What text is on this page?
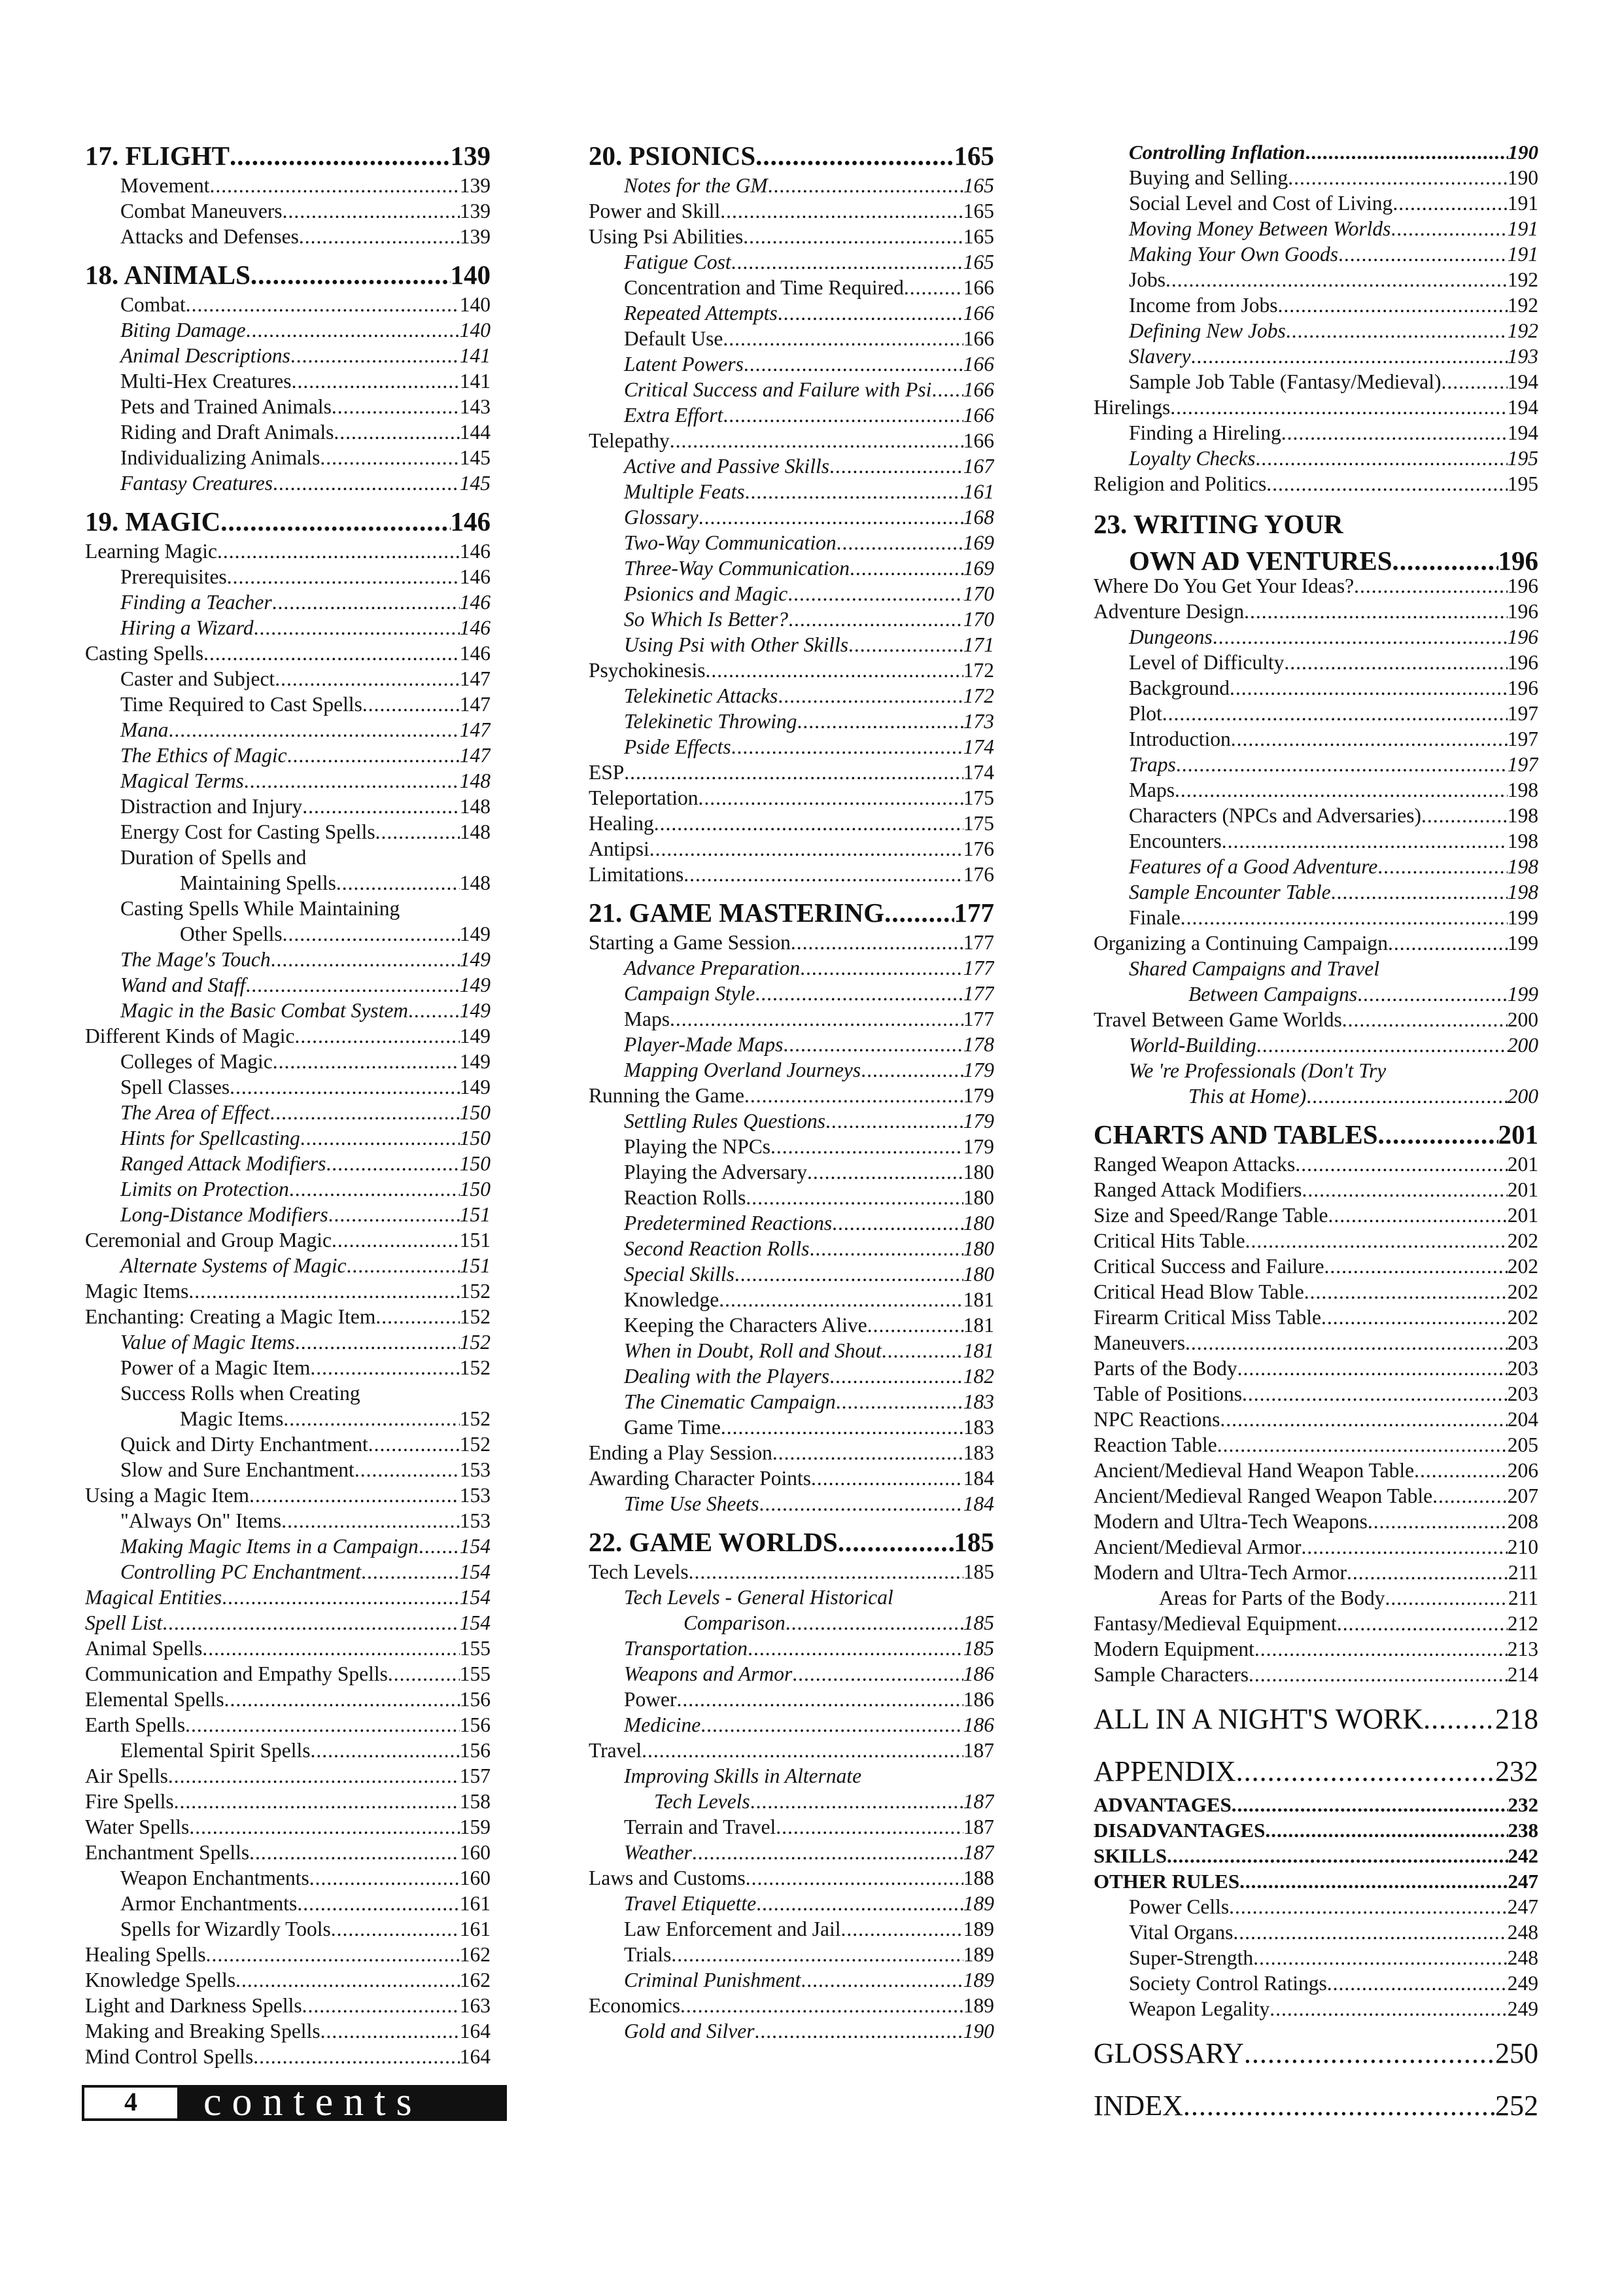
17. FLIGHT .....	139
Movement .....	139
Combat Maneuvers .....	139
Attacks and Defenses .....	139
18. ANIMALS .....	140
Combat .....	140
Biting Damage .....	140
Animal Descriptions .....	141
Multi-Hex Creatures .....	141
Pets and Trained Animals .....	143
Riding and Draft Animals .....	144
Individualizing Animals .....	145
Fantasy Creatures .....	145
19. MAGIC .....	146
Learning Magic .....	146
Prerequisites .....	146
Finding a Teacher .....	146
Hiring a Wizard .....	146
Casting Spells .....	146
Caster and Subject .....	147
Time Required to Cast Spells .....	147
Mana .....	147
The Ethics of Magic .....	147
Magical Terms .....	148
Distraction and Injury .....	148
Energy Cost for Casting Spells .....	148
Duration of Spells and
Maintaining Spells .....	148
Casting Spells While Maintaining
Other Spells .....	149
The Mage's Touch .....	149
Wand and Staff .....	149
Magic in the Basic Combat System ..... 149
Different Kinds of Magic .....	149
Colleges of Magic .....	149
Spell Classes .....	149
The Area of Effect .....	150
Hints for Spellcasting .....	150
Ranged Attack Modifiers .....	150
Limits on Protection .....	150
Long-Distance Modifiers .....	151
Ceremonial and Group Magic .....	151
Alternate Systems of Magic .....	151
Magic Items .....	152
Enchanting: Creating a Magic Item .....	152
Value of Magic Items .....	152
Power of a Magic Item .....	152
Success Rolls when Creating
Magic Items .....	152
Quick and Dirty Enchantment .....	152
Slow and Sure Enchantment .....	153
Using a Magic Item .....	153
"Always On" Items .....	153
Making Magic Items in a Campaign ..... 154
Controlling PC Enchantment .....	154
Magical Entities .....	154
Spell List .....	154
Animal Spells .....	155
Communication and Empathy Spells .....	155
Elemental Spells .....	156
Earth Spells .....	156
Elemental Spirit Spells .....	156
Air Spells .....	157
Fire Spells .....	158
Water Spells .....	159
Enchantment Spells .....	160
Weapon Enchantments .....	160
Armor Enchantments .....	161
Spells for Wizardly Tools .....	161
Healing Spells .....	162
Knowledge Spells .....	162
Light and Darkness Spells .....	163
Making and Breaking Spells .....	164
Mind Control Spells .....	164
20. PSIONICS .....	165
Notes for the GM .....	165
Power and Skill .....	165
Using Psi Abilities .....	165
Fatigue Cost .....	165
Concentration and Time Required .....	166
Repeated Attempts .....	166
Default Use .....	166
Latent Powers .....	166
Critical Success and Failure with Psi ..... 166
Extra Effort .....	166
Telepathy .....	166
Active and Passive Skills .....	167
Multiple Feats .....	161
Glossary .....	168
Two-Way Communication .....	169
Three-Way Communication .....	169
Psionics and Magic .....	170
So Which Is Better? .....	170
Using Psi with Other Skills .....	171
Psychokinesis .....	172
Telekinetic Attacks .....	172
Telekinetic Throwing .....	173
Pside Effects .....	174
ESP .....	174
Teleportation .....	175
Healing .....	175
Antipsi .....	176
Limitations .....	176
21. GAME MASTERING .....	177
Starting a Game Session .....	177
Advance Preparation .....	177
Campaign Style .....	177
Maps .....	177
Player-Made Maps .....	178
Mapping Overland Journeys .....	179
Running the Game .....	179
Settling Rules Questions .....	179
Playing the NPCs .....	179
Playing the Adversary .....	180
Reaction Rolls .....	180
Predetermined Reactions .....	180
Second Reaction Rolls .....	180
Special Skills .....	180
Knowledge .....	181
Keeping the Characters Alive .....	181
When in Doubt, Roll and Shout .....	181
Dealing with the Players .....	182
The Cinematic Campaign .....	183
Game Time .....	183
Ending a Play Session .....	183
Awarding Character Points .....	184
Time Use Sheets .....	184
22. GAME WORLDS .....	185
Tech Levels .....	185
Tech Levels - General Historical
Comparison .....	185
Transportation .....	185
Weapons and Armor .....	186
Power .....	186
Medicine .....	186
Travel .....	187
Improving Skills in Alternate
Tech Levels .....	187
Terrain and Travel .....	187
Weather .....	187
Laws and Customs .....	188
Travel Etiquette .....	189
Law Enforcement and Jail .....	189
Trials .....	189
Criminal Punishment .....	189
Economics .....	189
Gold and Silver .....	190
Controlling Inflation .....	190
Buying and Selling .....	190
Social Level and Cost of Living .....	191
Moving Money Between Worlds .....	191
Making Your Own Goods .....	191
Jobs .....	192
Income from Jobs .....	192
Defining New Jobs .....	192
Slavery .....	193
Sample Job Table (Fantasy/Medieval) .....	194
Hirelings .....	194
Finding a Hireling .....	194
Loyalty Checks .....	195
Religion and Politics .....	195
23. WRITING YOUR
OWN AD VENTURES .....	196
Where Do You Get Your Ideas? .....	196
Adventure Design .....	196
Dungeons .....	196
Level of Difficulty .....	196
Background .....	196
Plot .....	197
Introduction .....	197
Traps .....	197
Maps .....	198
Characters (NPCs and Adversaries) .....	198
Encounters .....	198
Features of a Good Adventure .....	198
Sample Encounter Table .....	198
Finale .....	199
Organizing a Continuing Campaign .....	199
Shared Campaigns and Travel
Between Campaigns .....	199
Travel Between Game Worlds .....	200
World-Building .....	200
We 're Professionals (Don't Try
This at Home) .....	200
CHARTS AND TABLES .....	201
Ranged Weapon Attacks .....	201
Ranged Attack Modifiers .....	201
Size and Speed/Range Table .....	201
Critical Hits Table .....	202
Critical Success and Failure .....	202
Critical Head Blow Table .....	202
Firearm Critical Miss Table .....	202
Maneuvers .....	203
Parts of the Body .....	203
Table of Positions .....	203
NPC Reactions .....	204
Reaction Table .....	205
Ancient/Medieval Hand Weapon Table .....	206
Ancient/Medieval Ranged Weapon Table .....	207
Modern and Ultra-Tech Weapons .....	208
Ancient/Medieval Armor .....	210
Modern and Ultra-Tech Armor .....	211
Areas for Parts of the Body .....	211
Fantasy/Medieval Equipment .....	212
Modern Equipment .....	213
Sample Characters .....	214
ALL IN A NIGHT'S WORK ..... 218
APPENDIX .....	232
ADVANTAGES .....	232
DISADVANTAGES .....	238
SKILLS .....	242
OTHER RULES .....	247
Power Cells .....	247
Vital Organs .....	248
Super-Strength .....	248
Society Control Ratings .....	249
Weapon Legality .....	249
GLOSSARY .....	250
INDEX .....	252
4	contents
